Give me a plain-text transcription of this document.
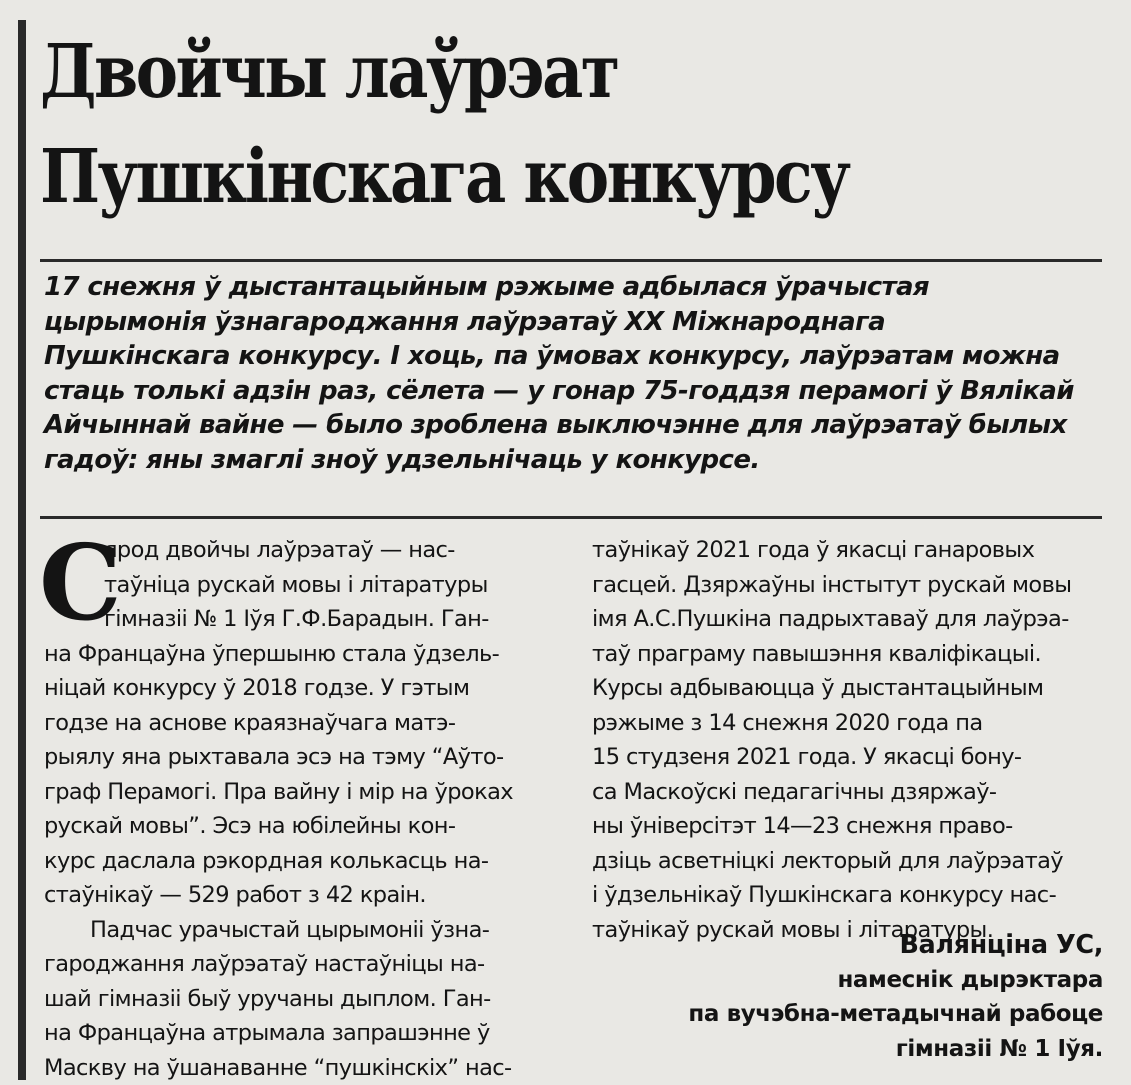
Двойчы лаўрэат
Пушкінскага конкурсу
17 снежня ў дыстантацыйным рэжыме адбылася ўрачыстая
цырымонія ўзнагароджання лаўрэатаў XX Міжнароднага
Пушкінскага конкурсу. І хоць, па ўмовах конкурсу, лаўрэатам можна
стаць толькі адзін раз, сёлета — у гонар 75-годдзя перамогі ў Вялікай
Айчыннай вайне — было зроблена выключэнне для лаўрэатаў былых
гадоў: яны змаглі зноў удзельнічаць у конкурсе.
С
ярод двойчы лаўрэатаў — нас-
таўніца рускай мовы і літаратуры
гімназіі № 1 Іўя Г.Ф.Барадын. Ган-
на Францаўна ўпершыню стала ўдзель-
ніцай конкурсу ў 2018 годзе. У гэтым
годзе на аснове краязнаўчага матэ-
рыялу яна рыхтавала эсэ на тэму “Аўто-
граф Перамогі. Пра вайну і мір на ўроках
рускай мовы”. Эсэ на юбілейны кон-
курс даслала рэкордная колькасць на-
стаўнікаў — 529 работ з 42 краін.
Падчас урачыстай цырымоніі ўзна-
гароджання лаўрэатаў настаўніцы на-
шай гімназіі быў уручаны дыплом. Ган-
на Францаўна атрымала запрашэнне ў
Маскву на ўшанаванне “пушкінскіх” нас-
таўнікаў 2021 года ў якасці ганаровых
гасцей. Дзяржаўны інстытут рускай мовы
імя А.С.Пушкіна падрыхтаваў для лаўрэа-
таў праграму павышэння кваліфікацыі.
Курсы адбываюцца ў дыстантацыйным
рэжыме з 14 снежня 2020 года па
15 студзеня 2021 года. У якасці бону-
са Маскоўскі педагагічны дзяржаў-
ны ўніверсітэт 14—23 снежня право-
дзіць асветніцкі лекторый для лаўрэатаў
і ўдзельнікаў Пушкінскага конкурсу нас-
таўнікаў рускай мовы і літаратуры.
Валянціна УС,
намеснік дырэктара
па вучэбна-метадычнай рабоце
гімназіі № 1 Іўя.
